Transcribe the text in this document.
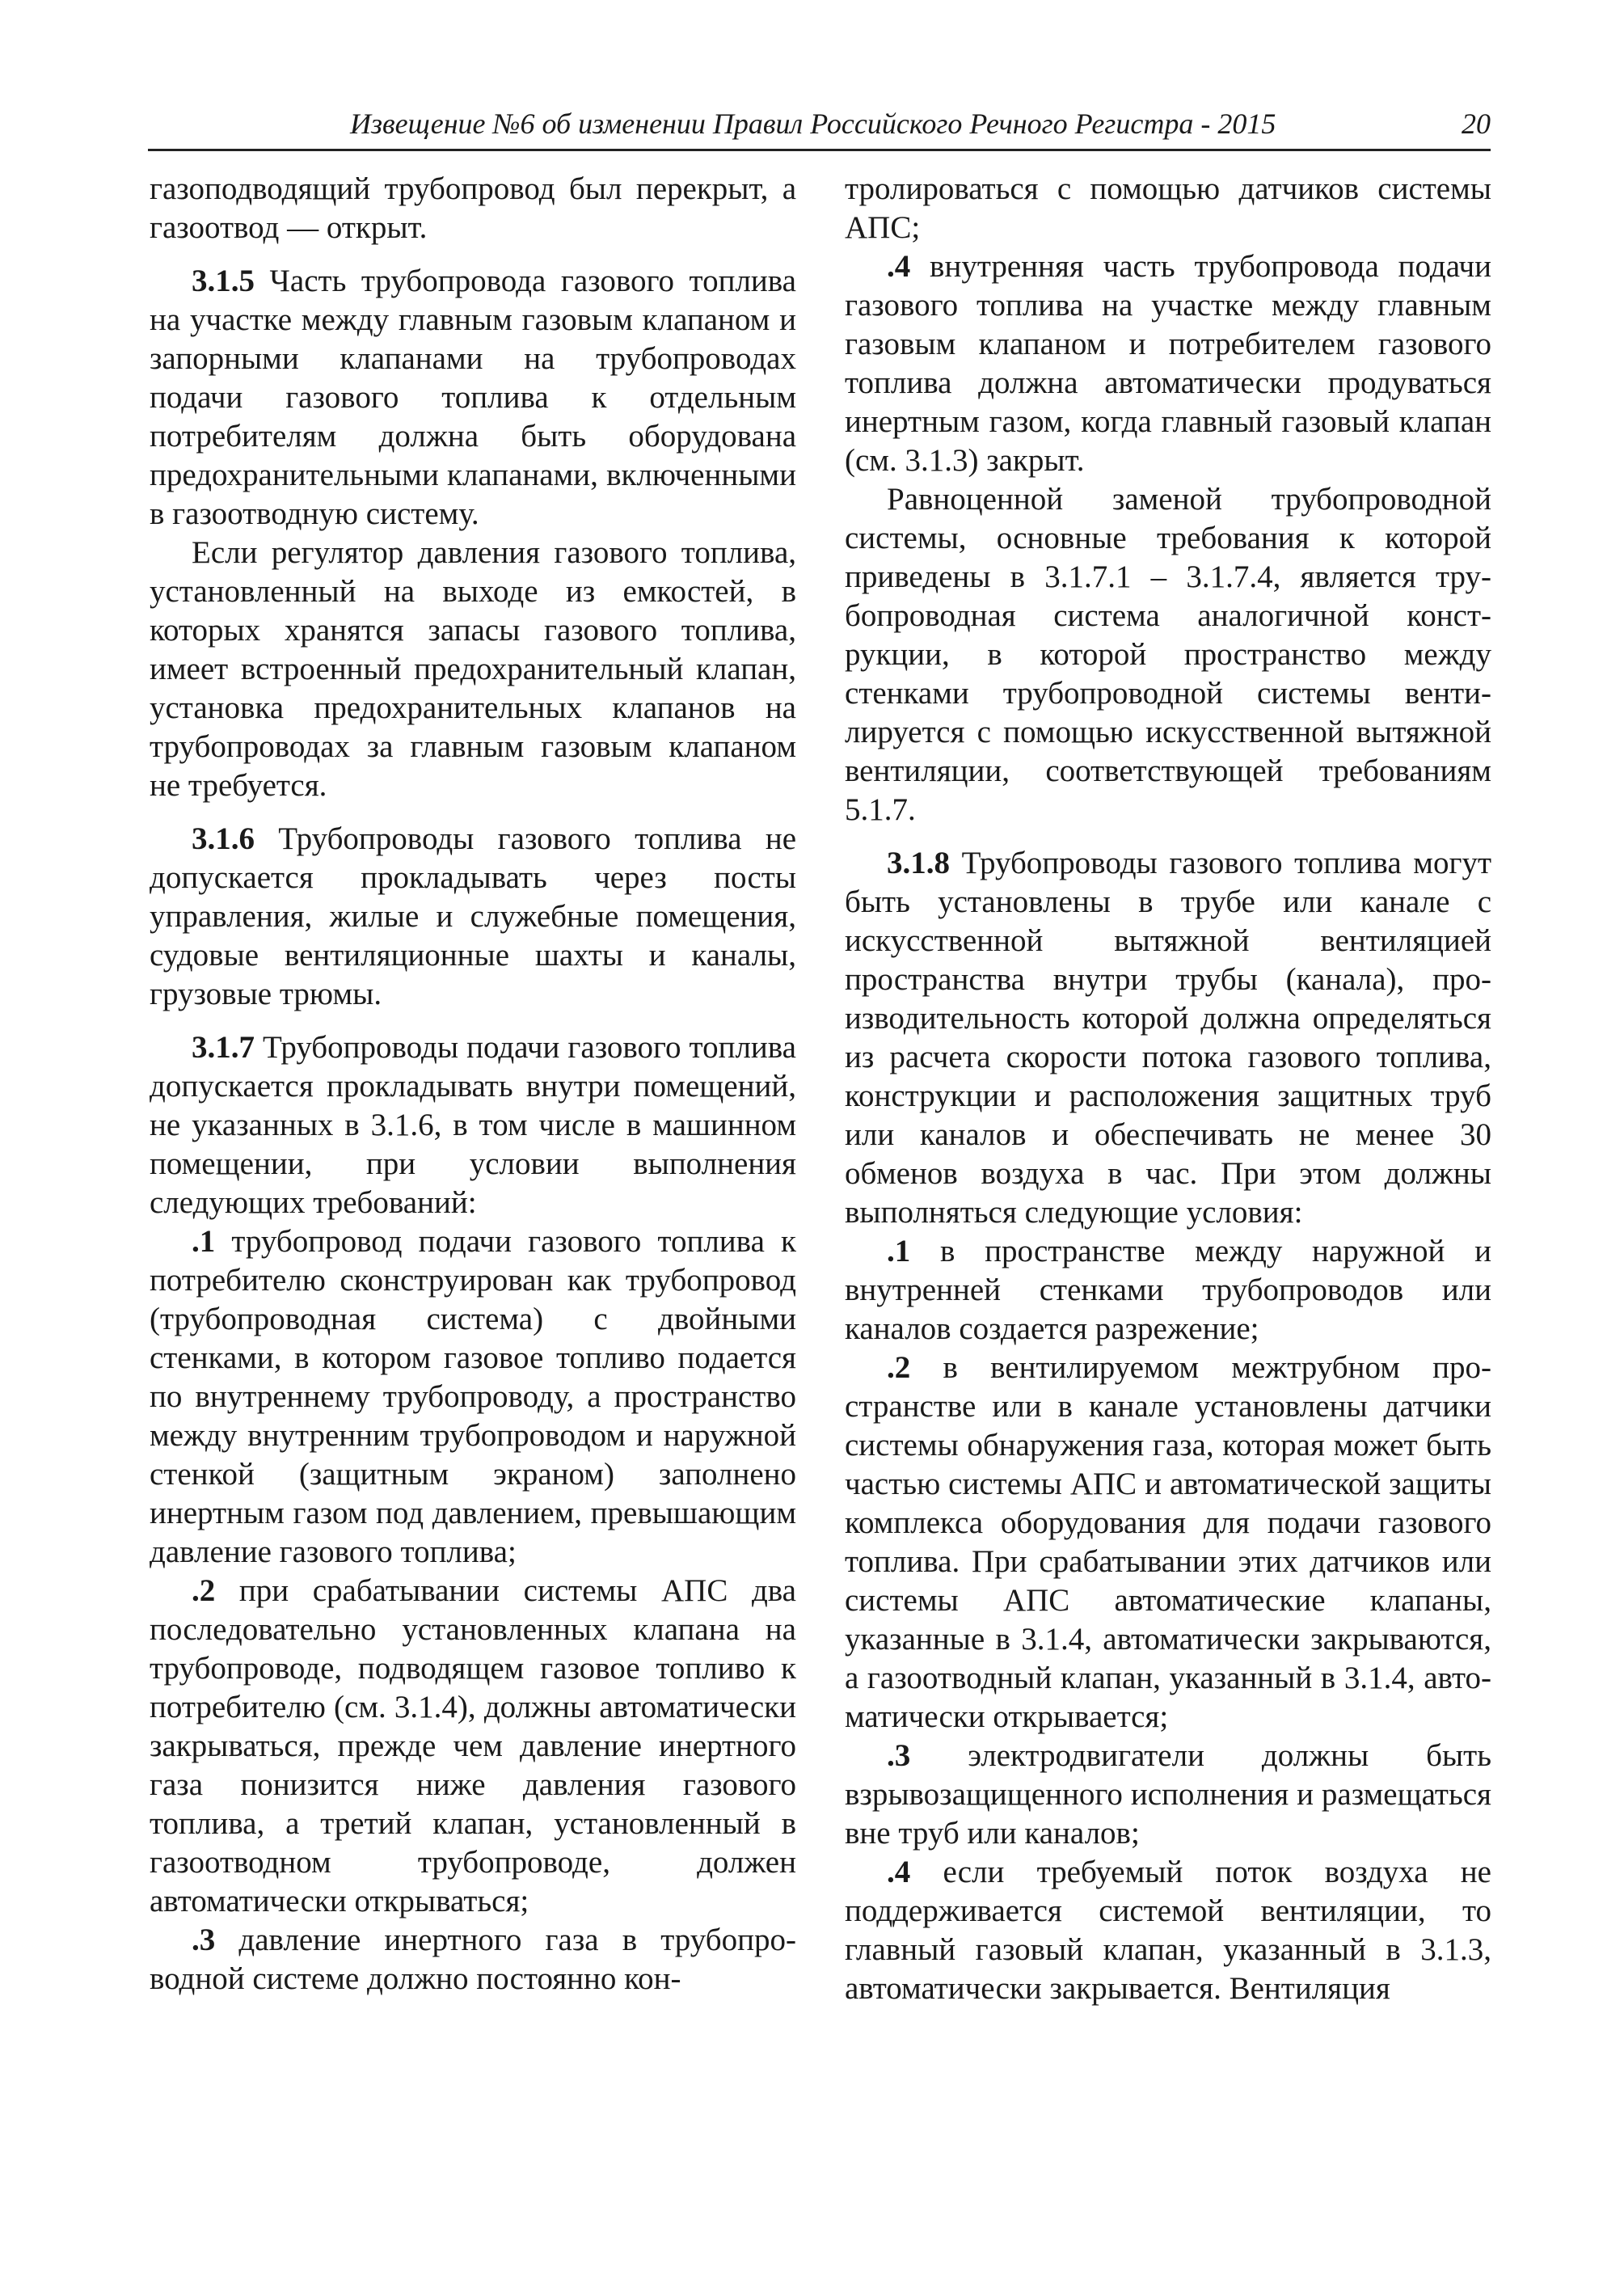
Извещение №6 об изменении Правил Российского Речного Регистра - 2015	20

газоподводящий трубопровод был перекрыт, а газоотвод — открыт.

3.1.5 Часть трубопровода газового топлива на участке между главным газовым клапаном и запорными клапанами на трубопроводах подачи газового топлива к отдельным потребителям должна быть оборудована предохранительными клапанами, включенными в газоотводную систему.

Если регулятор давления газового топлива, установленный на выходе из емкостей, в которых хранятся запасы газового топлива, имеет встроенный предохранительный клапан, установка предохранительных клапанов на трубопроводах за главным газовым клапаном не требуется.

3.1.6 Трубопроводы газового топлива не допускается прокладывать через посты управления, жилые и служебные помещения, судовые вентиляционные шахты и каналы, грузовые трюмы.

3.1.7 Трубопроводы подачи газового топлива допускается прокладывать внутри помещений, не указанных в 3.1.6, в том числе в машинном помещении, при условии выполнения следующих требований:

.1 трубопровод подачи газового топлива к потребителю сконструирован как трубопровод (трубопроводная система) с двойными стенками, в котором газовое топливо подается по внутреннему трубопроводу, а пространство между внутренним трубопроводом и наружной стенкой (защитным экраном) заполнено инертным газом под давлением, превышающим давление газового топлива;

.2 при срабатывании системы АПС два последовательно установленных клапана на трубопроводе, подводящем газовое топливо к потребителю (см. 3.1.4), должны автоматически закрываться, прежде чем давление инертного газа понизится ниже давления газового топлива, а третий клапан, установленный в газоотводном трубопроводе, должен автоматически открываться;

.3 давление инертного газа в трубопроводной системе должно постоянно кон-

тролироваться с помощью датчиков системы АПС;

.4 внутренняя часть трубопровода подачи газового топлива на участке между главным газовым клапаном и потребителем газового топлива должна автоматически продуваться инертным газом, когда главный газовый клапан (см. 3.1.3) закрыт.

Равноценной заменой трубопроводной системы, основные требования к которой приведены в 3.1.7.1 – 3.1.7.4, является трубопроводная система аналогичной конструкции, в которой пространство между стенками трубопроводной системы вентилируется с помощью искусственной вытяжной вентиляции, соответствующей требованиям 5.1.7.

3.1.8 Трубопроводы газового топлива могут быть установлены в трубе или канале с искусственной вытяжной вентиляцией пространства внутри трубы (канала), производительность которой должна определяться из расчета скорости потока газового топлива, конструкции и расположения защитных труб или каналов и обеспечивать не менее 30 обменов воздуха в час. При этом должны выполняться следующие условия:

.1 в пространстве между наружной и внутренней стенками трубопроводов или каналов создается разрежение;

.2 в вентилируемом межтрубном пространстве или в канале установлены датчики системы обнаружения газа, которая может быть частью системы АПС и автоматической защиты комплекса оборудования для подачи газового топлива. При срабатывании этих датчиков или системы АПС автоматические клапаны, указанные в 3.1.4, автоматически закрываются, а газоотводный клапан, указанный в 3.1.4, автоматически открывается;

.3 электродвигатели должны быть взрывозащищенного исполнения и размещаться вне труб или каналов;

.4 если требуемый поток воздуха не поддерживается системой вентиляции, то главный газовый клапан, указанный в 3.1.3, автоматически закрывается. Вентиляция
